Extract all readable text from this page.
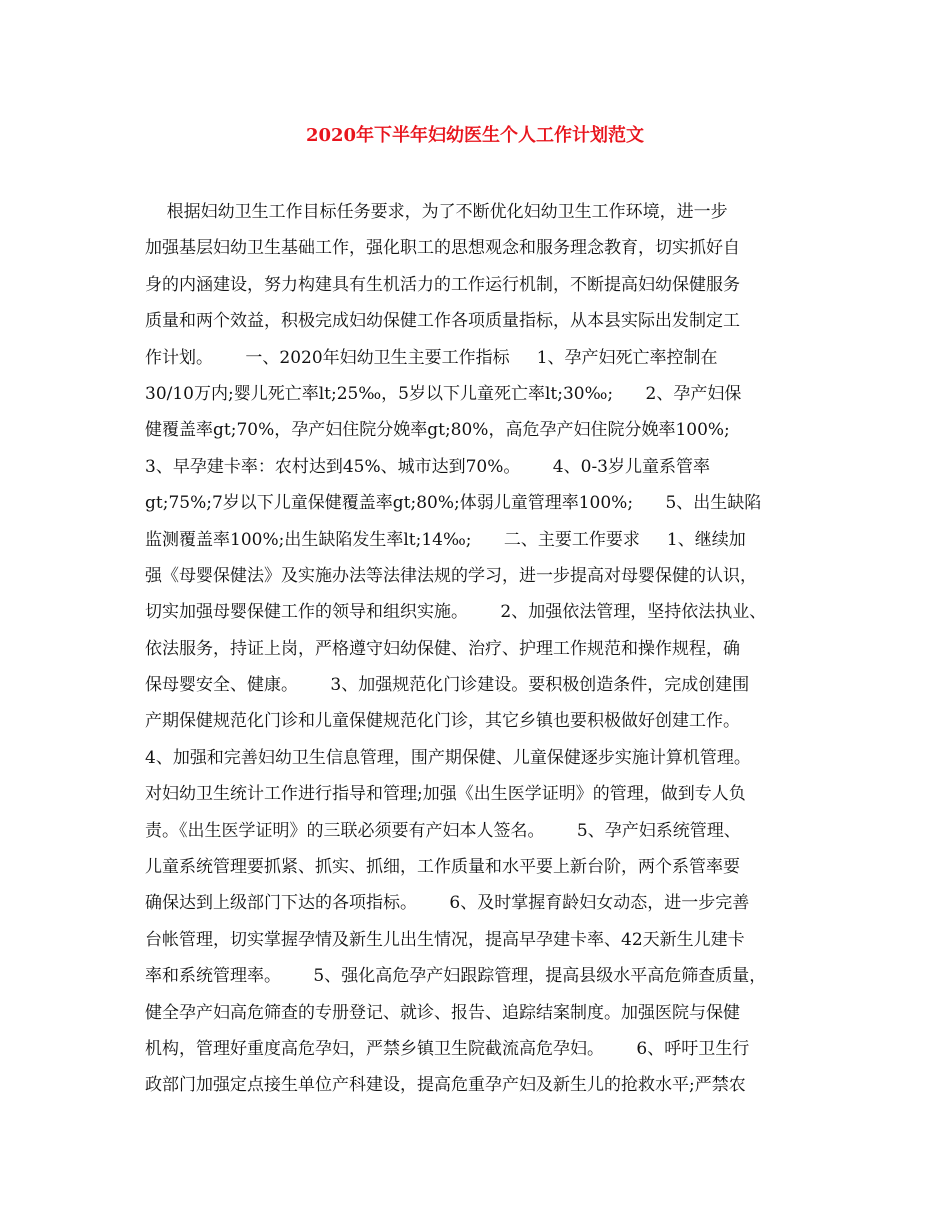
2020年下半年妇幼医生个人工作计划范文
根据妇幼卫生工作目标任务要求，为了不断优化妇幼卫生工作环境，进一步
加强基层妇幼卫生基础工作，强化职工的思想观念和服务理念教育，切实抓好自
身的内涵建设，努力构建具有生机活力的工作运行机制，不断提高妇幼保健服务
质量和两个效益，积极完成妇幼保健工作各项质量指标，从本县实际出发制定工
作计划。      一、2020年妇幼卫生主要工作指标     1、孕产妇死亡率控制在
30/10万内;婴儿死亡率lt;25‰，5岁以下儿童死亡率lt;30‰;      2、孕产妇保
健覆盖率gt;70%，孕产妇住院分娩率gt;80%，高危孕产妇住院分娩率100%;
3、早孕建卡率：农村达到45%、城市达到70%。      4、0-3岁儿童系管率
gt;75%;7岁以下儿童保健覆盖率gt;80%;体弱儿童管理率100%;      5、出生缺陷
监测覆盖率100%;出生缺陷发生率lt;14‰;      二、主要工作要求     1、继续加
强《母婴保健法》及实施办法等法律法规的学习，进一步提高对母婴保健的认识，
切实加强母婴保健工作的领导和组织实施。      2、加强依法管理，坚持依法执业、
依法服务，持证上岗，严格遵守妇幼保健、治疗、护理工作规范和操作规程，确
保母婴安全、健康。      3、加强规范化门诊建设。要积极创造条件，完成创建围
产期保健规范化门诊和儿童保健规范化门诊，其它乡镇也要积极做好创建工作。
4、加强和完善妇幼卫生信息管理，围产期保健、儿童保健逐步实施计算机管理。
对妇幼卫生统计工作进行指导和管理;加强《出生医学证明》的管理，做到专人负
责。《出生医学证明》的三联必须要有产妇本人签名。      5、孕产妇系统管理、
儿童系统管理要抓紧、抓实、抓细，工作质量和水平要上新台阶，两个系管率要
确保达到上级部门下达的各项指标。      6、及时掌握育龄妇女动态，进一步完善
台帐管理，切实掌握孕情及新生儿出生情况，提高早孕建卡率、42天新生儿建卡
率和系统管理率。      5、强化高危孕产妇跟踪管理，提高县级水平高危筛查质量，
健全孕产妇高危筛查的专册登记、就诊、报告、追踪结案制度。加强医院与保健
机构，管理好重度高危孕妇，严禁乡镇卫生院截流高危孕妇。      6、呼吁卫生行
政部门加强定点接生单位产科建设，提高危重孕产妇及新生儿的抢救水平;严禁农
